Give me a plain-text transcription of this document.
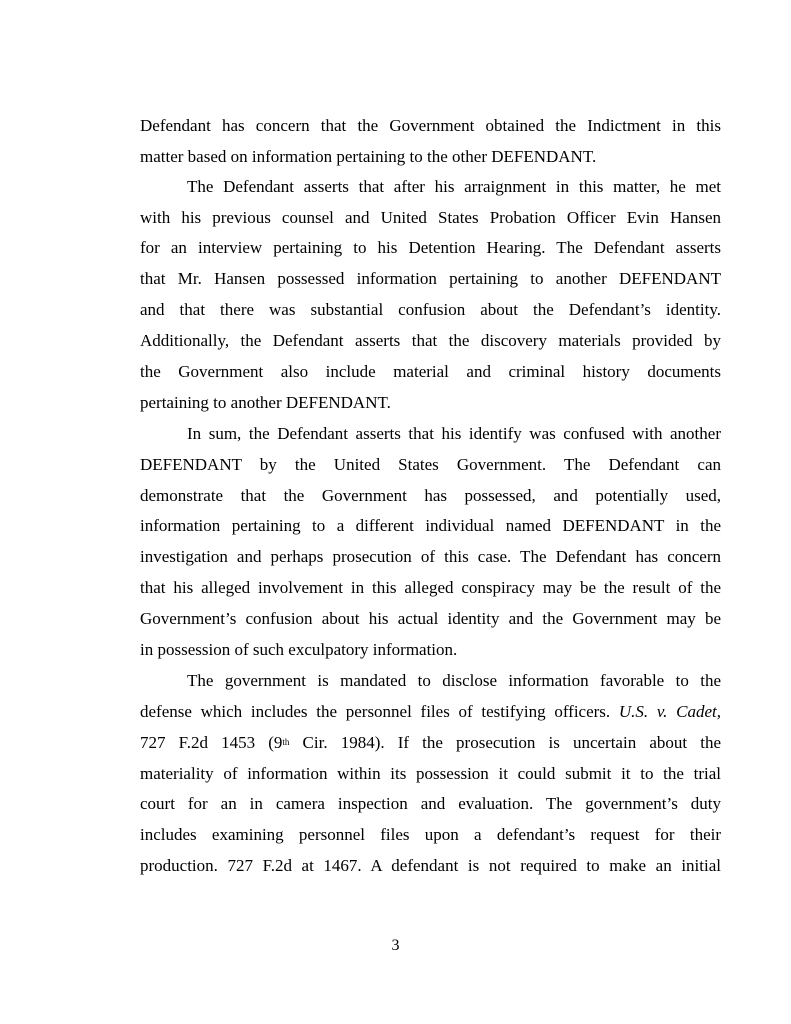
Defendant has concern that the Government obtained the Indictment in this
matter based on information pertaining to the other DEFENDANT.
The Defendant asserts that after his arraignment in this matter, he met
with his previous counsel and United States Probation Officer Evin Hansen
for an interview pertaining to his Detention Hearing. The Defendant asserts
that Mr. Hansen possessed information pertaining to another DEFENDANT
and that there was substantial confusion about the Defendant’s identity.
Additionally, the Defendant asserts that the discovery materials provided by
the Government also include material and criminal history documents
pertaining to another DEFENDANT.
In sum, the Defendant asserts that his identify was confused with another
DEFENDANT by the United States Government. The Defendant can
demonstrate that the Government has possessed, and potentially used,
information pertaining to a different individual named DEFENDANT in the
investigation and perhaps prosecution of this case. The Defendant has concern
that his alleged involvement in this alleged conspiracy may be the result of the
Government’s confusion about his actual identity and the Government may be
in possession of such exculpatory information.
The government is mandated to disclose information favorable to the
defense which includes the personnel files of testifying officers. U.S. v. Cadet,
727 F.2d 1453 (9th Cir. 1984). If the prosecution is uncertain about the
materiality of information within its possession it could submit it to the trial
court for an in camera inspection and evaluation. The government’s duty
includes examining personnel files upon a defendant’s request for their
production. 727 F.2d at 1467. A defendant is not required to make an initial
3
